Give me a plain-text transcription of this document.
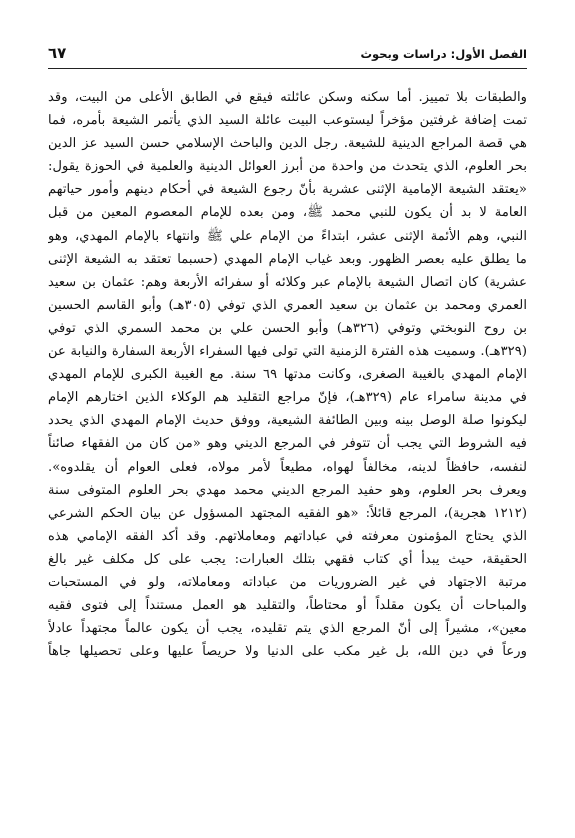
الفصل الأول: دراسات وبحوث
٦٧
والطبقات بلا تمييز. أما سكنه وسكن عائلته فيقع في الطابق الأعلى من البيت، وقد
تمت إضافة غرفتين مؤخراً ليستوعب البيت عائلة السيد الذي يأتمر الشيعة بأمره، فما
هي قصة المراجع الدينية للشيعة. رجل الدين والباحث الإسلامي حسن السيد عز الدين
بحر العلوم، الذي يتحدث من واحدة من أبرز العوائل الدينية والعلمية في الحوزة يقول:
«يعتقد الشيعة الإمامية الإثنى عشرية بأنّ رجوع الشيعة في أحكام دينهم وأمور حياتهم
العامة لا بد أن يكون للنبي محمد ﷺ، ومن بعده للإمام المعصوم المعين من قبل
النبي، وهم الأئمة الإثنى عشر، ابتداءً من الإمام علي ﷺ وانتهاء بالإمام المهدي، وهو
ما يطلق عليه بعصر الظهور. وبعد غياب الإمام المهدي (حسبما تعتقد به الشيعة الإثنى
عشرية) كان اتصال الشيعة بالإمام عبر وكلائه أو سفرائه الأربعة وهم: عثمان بن سعيد
العمري ومحمد بن عثمان بن سعيد العمري الذي توفي (٣٠٥هـ) وأبو القاسم الحسين
بن روح النوبختي وتوفي (٣٢٦هـ) وأبو الحسن علي بن محمد السمري الذي توفي
(٣٢٩هـ). وسميت هذه الفترة الزمنية التي تولى فيها السفراء الأربعة السفارة والنيابة عن
الإمام المهدي بالغيبة الصغرى، وكانت مدتها ٦٩ سنة. مع الغيبة الكبرى للإمام المهدي
في مدينة سامراء عام (٣٢٩هـ)، فإنّ مراجع التقليد هم الوكلاء الذين اختارهم الإمام
ليكونوا صلة الوصل بينه وبين الطائفة الشيعية، ووفق حديث الإمام المهدي الذي يحدد
فيه الشروط التي يجب أن تتوفر في المرجع الديني وهو «من كان من الفقهاء صائناً
لنفسه، حافظاً لدينه، مخالفاً لهواه، مطيعاً لأمر مولاه، فعلى العوام أن يقلدوه».
ويعرف بحر العلوم، وهو حفيد المرجع الديني محمد مهدي بحر العلوم المتوفى سنة
(١٢١٢ هجرية)، المرجع قائلاً: «هو الفقيه المجتهد المسؤول عن بيان الحكم الشرعي
الذي يحتاج المؤمنون معرفته في عباداتهم ومعاملاتهم. وقد أكد الفقه الإمامي هذه
الحقيقة، حيث يبدأ أي كتاب فقهي بتلك العبارات: يجب على كل مكلف غير بالغ
مرتبة الاجتهاد في غير الضروريات من عباداته ومعاملاته، ولو في المستحبات
والمباحات أن يكون مقلداً أو محتاطاً، والتقليد هو العمل مستنداً إلى فتوى فقيه
معين»، مشيراً إلى أنّ المرجع الذي يتم تقليده، يجب أن يكون عالماً مجتهداً عادلاً
ورعاً في دين الله، بل غير مكب على الدنيا ولا حريصاً عليها وعلى تحصيلها جاهاً
